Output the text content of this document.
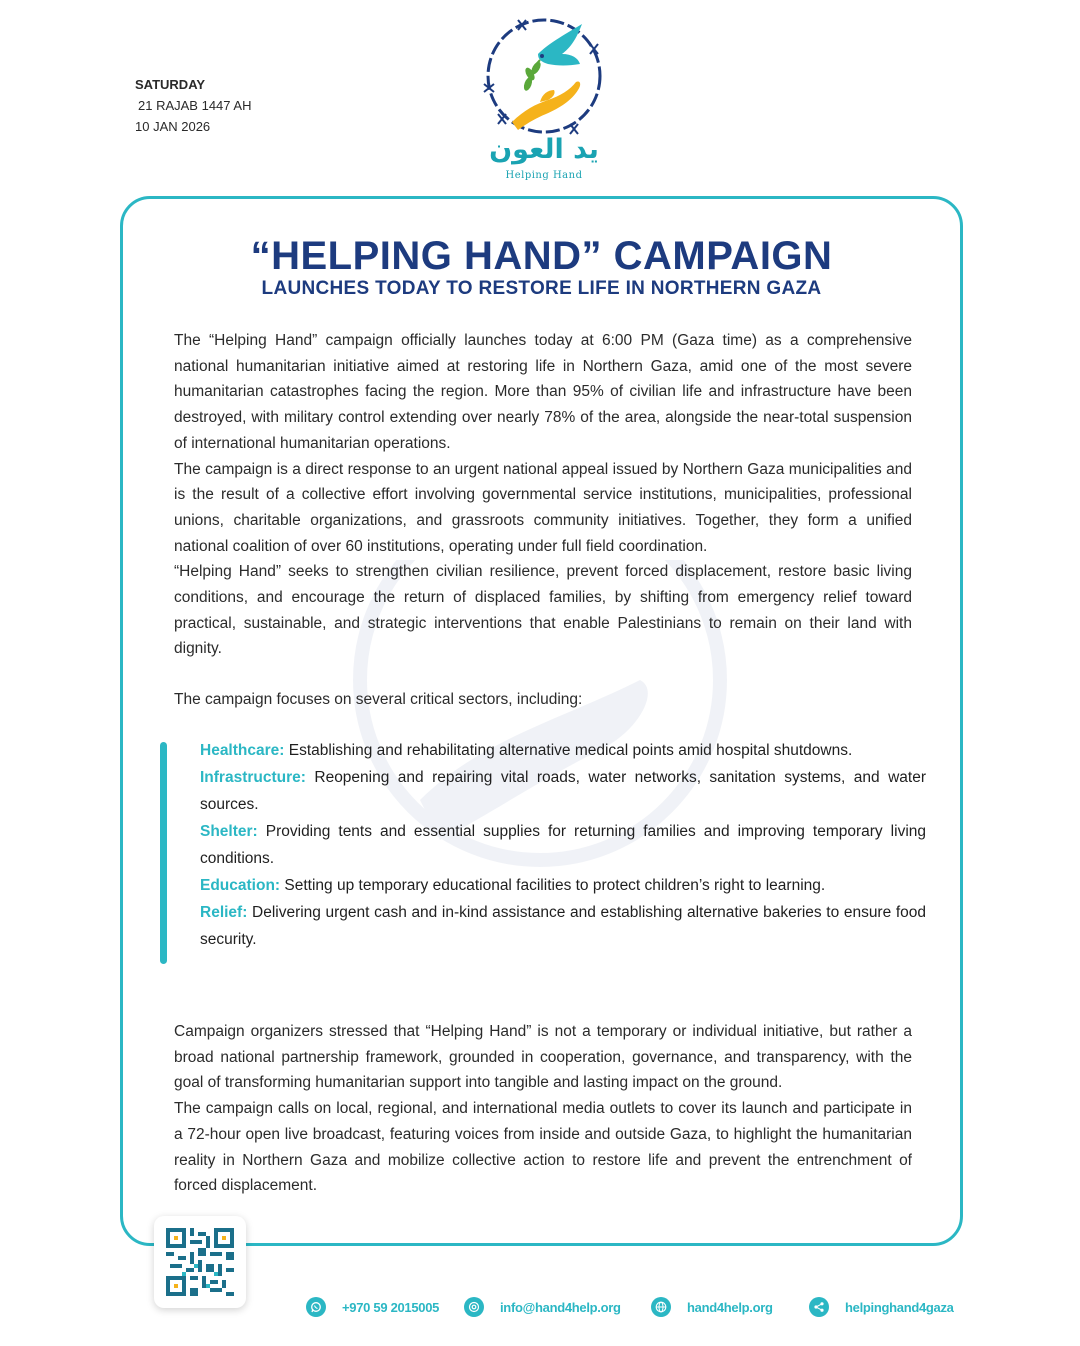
SATURDAY
21 RAJAB 1447 AH
10 JAN 2026
يد العون
Helping Hand
“HELPING HAND” CAMPAIGN
LAUNCHES TODAY TO RESTORE LIFE IN NORTHERN GAZA

The “Helping Hand” campaign officially launches today at 6:00 PM (Gaza time) as a comprehensive national humanitarian initiative aimed at restoring life in Northern Gaza, amid one of the most severe humanitarian catastrophes facing the region. More than 95% of civilian life and infrastructure have been destroyed, with military control extending over nearly 78% of the area, alongside the near-total suspension of international humanitarian operations.

The campaign is a direct response to an urgent national appeal issued by Northern Gaza municipalities and is the result of a collective effort involving governmental service institutions, municipalities, professional unions, charitable organizations, and grassroots community initiatives. Together, they form a unified national coalition of over 60 institutions, operating under full field coordination.

“Helping Hand” seeks to strengthen civilian resilience, prevent forced displacement, restore basic living conditions, and encourage the return of displaced families, by shifting from emergency relief toward practical, sustainable, and strategic interventions that enable Palestinians to remain on their land with dignity.

The campaign focuses on several critical sectors, including:

Healthcare: Establishing and rehabilitating alternative medical points amid hospital shutdowns.

Infrastructure: Reopening and repairing vital roads, water networks, sanitation systems, and water sources.

Shelter: Providing tents and essential supplies for returning families and improving temporary living conditions.

Education: Setting up temporary educational facilities to protect children’s right to learning.

Relief: Delivering urgent cash and in-kind assistance and establishing alternative bakeries to ensure food security.

Campaign organizers stressed that “Helping Hand” is not a temporary or individual initiative, but rather a broad national partnership framework, grounded in cooperation, governance, and transparency, with the goal of transforming humanitarian support into tangible and lasting impact on the ground.

The campaign calls on local, regional, and international media outlets to cover its launch and participate in a 72-hour open live broadcast, featuring voices from inside and outside Gaza, to highlight the humanitarian reality in Northern Gaza and mobilize collective action to restore life and prevent the entrenchment of forced displacement.

+970 59 2015005	info@hand4help.org	hand4help.org	helpinghand4gaza
